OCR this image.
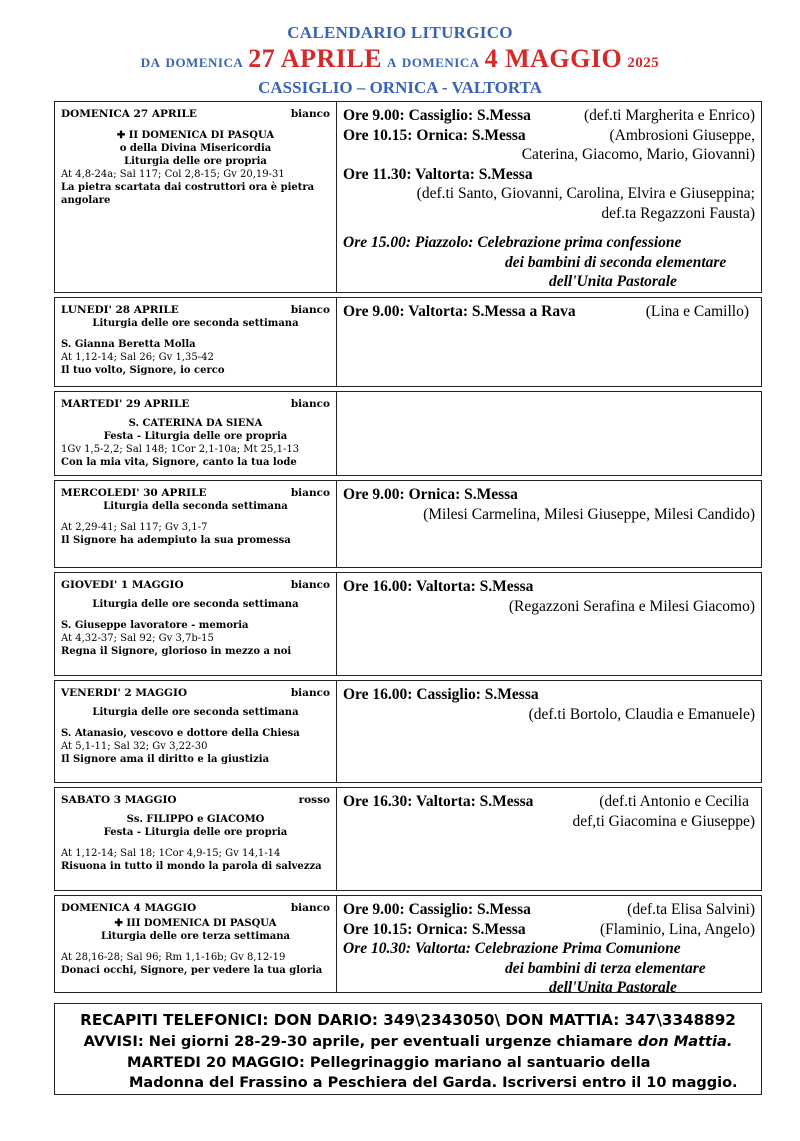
CALENDARIO LITURGICO
da domenica 27 APRILE a domenica 4 MAGGIO 2025
CASSIGLIO – ORNICA - VALTORTA
DOMENICA 27 APRILE	bianco
✚ II DOMENICA DI PASQUA
o della Divina Misericordia
Liturgia delle ore propria
At 4,8-24a; Sal 117; Col 2,8-15; Gv 20,19-31
La pietra scartata dai costruttori ora è pietra angolare
Ore 9.00: Cassiglio: S.Messa	(def.ti Margherita e Enrico)
Ore 10.15: Ornica: S.Messa	(Ambrosioni Giuseppe,
Caterina, Giacomo, Mario, Giovanni)
Ore 11.30: Valtorta: S.Messa
(def.ti Santo, Giovanni, Carolina, Elvira e Giuseppina;
def.ta Regazzoni Fausta)
Ore 15.00: Piazzolo: Celebrazione prima confessione
dei bambini di seconda elementare
dell'Unita Pastorale
LUNEDI' 28 APRILE	bianco
Liturgia delle ore seconda settimana
S. Gianna Beretta Molla
At 1,12-14; Sal 26; Gv 1,35-42
Il tuo volto, Signore, io cerco
Ore 9.00: Valtorta: S.Messa a Rava	(Lina e Camillo)
MARTEDI' 29 APRILE	bianco
S. CATERINA DA SIENA
Festa - Liturgia delle ore propria
1Gv 1,5-2,2; Sal 148; 1Cor 2,1-10a; Mt 25,1-13
Con la mia vita, Signore, canto la tua lode
MERCOLEDI' 30 APRILE	bianco
Liturgia della seconda settimana
At 2,29-41; Sal 117; Gv 3,1-7
Il Signore ha adempiuto la sua promessa
Ore 9.00: Ornica: S.Messa
(Milesi Carmelina, Milesi Giuseppe, Milesi Candido)
GIOVEDI' 1 MAGGIO	bianco
Liturgia delle ore seconda settimana
S. Giuseppe lavoratore - memoria
At 4,32-37; Sal 92; Gv 3,7b-15
Regna il Signore, glorioso in mezzo a noi
Ore 16.00: Valtorta: S.Messa
(Regazzoni Serafina e Milesi Giacomo)
VENERDI' 2 MAGGIO	bianco
Liturgia delle ore seconda settimana
S. Atanasio, vescovo e dottore della Chiesa
At 5,1-11; Sal 32; Gv 3,22-30
Il Signore ama il diritto e la giustizia
Ore 16.00: Cassiglio: S.Messa
(def.ti Bortolo, Claudia e Emanuele)
SABATO 3 MAGGIO	rosso
Ss. FILIPPO e GIACOMO
Festa - Liturgia delle ore propria
At 1,12-14; Sal 18; 1Cor 4,9-15; Gv 14,1-14
Risuona in tutto il mondo la parola di salvezza
Ore 16.30: Valtorta: S.Messa	(def.ti Antonio e Cecilia
def,ti Giacomina e Giuseppe)
DOMENICA 4 MAGGIO	bianco
✚ III DOMENICA DI PASQUA
Liturgia delle ore terza settimana
At 28,16-28; Sal 96; Rm 1,1-16b; Gv 8,12-19
Donaci occhi, Signore, per vedere la tua gloria
Ore 9.00: Cassiglio: S.Messa	(def.ta Elisa Salvini)
Ore 10.15: Ornica: S.Messa	(Flaminio, Lina, Angelo)
Ore 10.30: Valtorta: Celebrazione Prima Comunione
dei bambini di terza elementare
dell'Unita Pastorale
RECAPITI TELEFONICI: DON DARIO: 349\2343050\ DON MATTIA: 347\3348892
AVVISI: Nei giorni 28-29-30 aprile, per eventuali urgenze chiamare don Mattia.
MARTEDI 20 MAGGIO: Pellegrinaggio mariano al santuario della
Madonna del Frassino a Peschiera del Garda. Iscriversi entro il 10 maggio.
